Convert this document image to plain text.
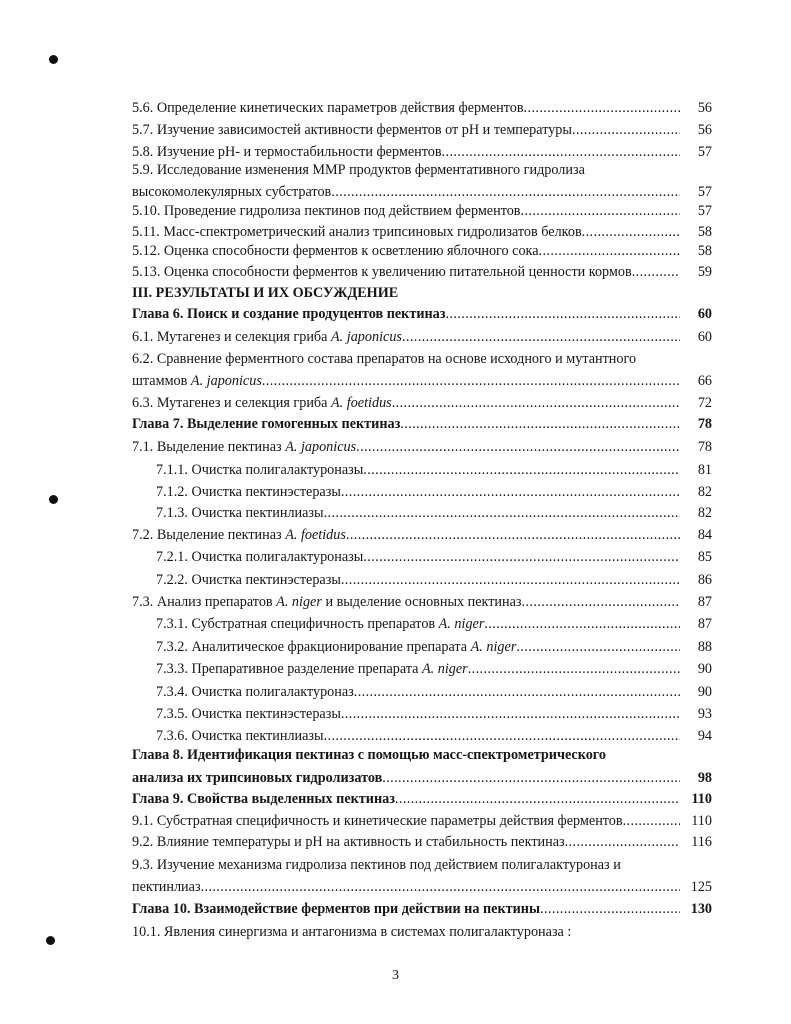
5.6. Определение кинетических параметров действия ферментов .....	56
5.7. Изучение зависимостей активности ферментов от pH и температуры .....	56
5.8. Изучение pH- и термостабильности ферментов .....	57
5.9. Исследование изменения ММР продуктов ферментативного гидролиза
высокомолекулярных субстратов .....	57
5.10. Проведение гидролиза пектинов под действием ферментов .....	57
5.11. Масс-спектрометрический анализ трипсиновых гидролизатов белков .....	58
5.12. Оценка способности ферментов к осветлению яблочного сока .....	58
5.13. Оценка способности ферментов к увеличению питательной ценности кормов .....	59
III. РЕЗУЛЬТАТЫ И ИХ ОБСУЖДЕНИЕ
Глава 6. Поиск и создание продуцентов пектиназ .....	60
6.1. Мутагенез и селекция гриба A. japonicus .....	60
6.2. Сравнение ферментного состава препаратов на основе исходного и мутантного
штаммов A. japonicus .....	66
6.3. Мутагенез и селекция гриба A. foetidus .....	72
Глава 7. Выделение гомогенных пектиназ .....	78
7.1. Выделение пектиназ A. japonicus .....	78
7.1.1. Очистка полигалактуроназы .....	81
7.1.2. Очистка пектинэстеразы .....	82
7.1.3. Очистка пектинлиазы .....	82
7.2. Выделение пектиназ A. foetidus .....	84
7.2.1. Очистка полигалактуроназы .....	85
7.2.2. Очистка пектинэстеразы .....	86
7.3. Анализ препаратов A. niger и выделение основных пектиназ .....	87
7.3.1. Субстратная специфичность препаратов A. niger .....	87
7.3.2. Аналитическое фракционирование препарата A. niger .....	88
7.3.3. Препаративное разделение препарата A. niger .....	90
7.3.4. Очистка полигалактуроназ .....	90
7.3.5. Очистка пектинэстеразы .....	93
7.3.6. Очистка пектинлиазы .....	94
Глава 8. Идентификация пектиназ с помощью масс-спектрометрического
анализа их трипсиновых гидролизатов .....	98
Глава 9. Свойства выделенных пектиназ .....	110
9.1. Субстратная специфичность и кинетические параметры действия ферментов .....	110
9.2. Влияние температуры и pH на активность и стабильность пектиназ .....	116
9.3. Изучение механизма гидролиза пектинов под действием полигалактуроназ и
пектинлиаз .....	125
Глава 10. Взаимодействие ферментов при действии на пектины .....	130
10.1. Явления синергизма и антагонизма в системах полигалактуроназа :
3
